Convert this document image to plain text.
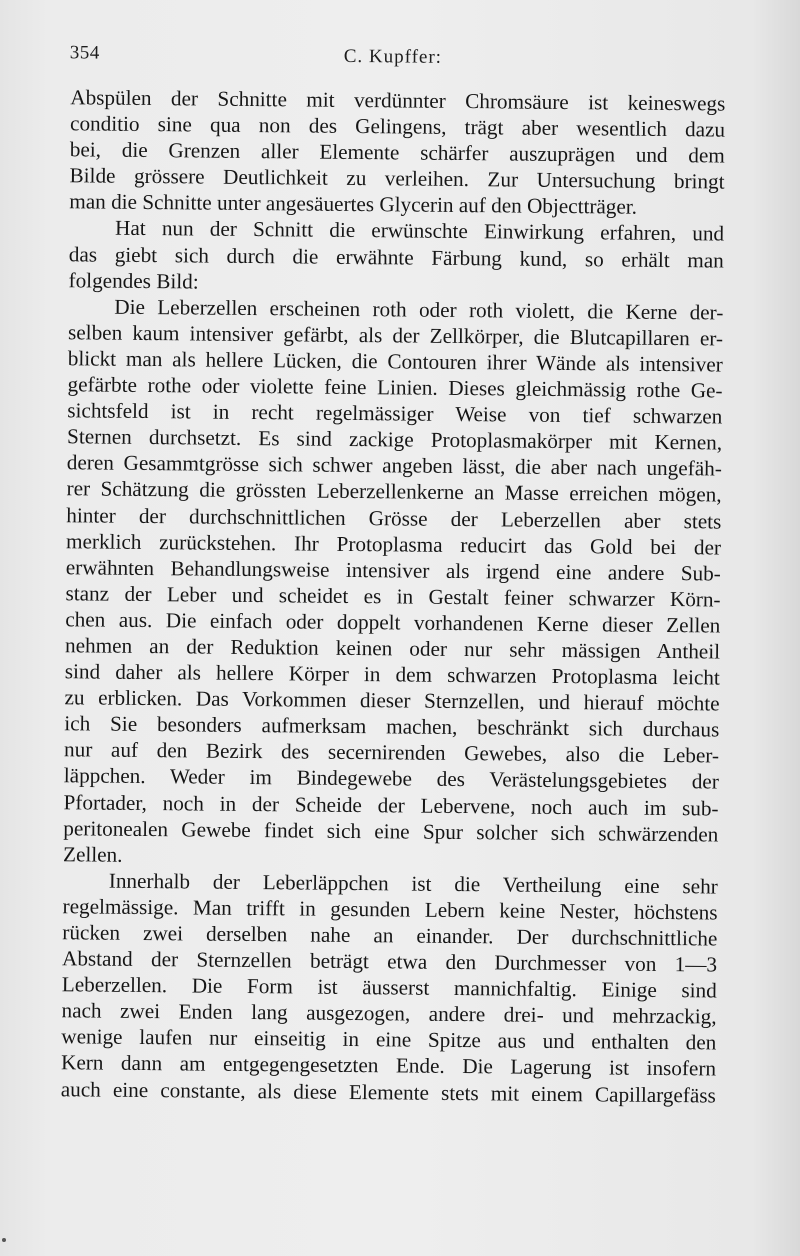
354	C. Kupffer:
Abspülen der Schnitte mit verdünnter Chromsäure ist keineswegs
conditio sine qua non des Gelingens, trägt aber wesentlich dazu
bei, die Grenzen aller Elemente schärfer auszuprägen und dem
Bilde grössere Deutlichkeit zu verleihen. Zur Untersuchung bringt
man die Schnitte unter angesäuertes Glycerin auf den Objectträger.
Hat nun der Schnitt die erwünschte Einwirkung erfahren, und
das giebt sich durch die erwähnte Färbung kund, so erhält man
folgendes Bild:
Die Leberzellen erscheinen roth oder roth violett, die Kerne der-
selben kaum intensiver gefärbt, als der Zellkörper, die Blutcapillaren er-
blickt man als hellere Lücken, die Contouren ihrer Wände als intensiver
gefärbte rothe oder violette feine Linien. Dieses gleichmässig rothe Ge-
sichtsfeld ist in recht regelmässiger Weise von tief schwarzen
Sternen durchsetzt. Es sind zackige Protoplasmakörper mit Kernen,
deren Gesammtgrösse sich schwer angeben lässt, die aber nach ungefäh-
rer Schätzung die grössten Leberzellenkerne an Masse erreichen mögen,
hinter der durchschnittlichen Grösse der Leberzellen aber stets
merklich zurückstehen. Ihr Protoplasma reducirt das Gold bei der
erwähnten Behandlungsweise intensiver als irgend eine andere Sub-
stanz der Leber und scheidet es in Gestalt feiner schwarzer Körn-
chen aus. Die einfach oder doppelt vorhandenen Kerne dieser Zellen
nehmen an der Reduktion keinen oder nur sehr mässigen Antheil
sind daher als hellere Körper in dem schwarzen Protoplasma leicht
zu erblicken. Das Vorkommen dieser Sternzellen, und hierauf möchte
ich Sie besonders aufmerksam machen, beschränkt sich durchaus
nur auf den Bezirk des secernirenden Gewebes, also die Leber-
läppchen. Weder im Bindegewebe des Verästelungsgebietes der
Pfortader, noch in der Scheide der Lebervene, noch auch im sub-
peritonealen Gewebe findet sich eine Spur solcher sich schwärzenden
Zellen.
Innerhalb der Leberläppchen ist die Vertheilung eine sehr
regelmässige. Man trifft in gesunden Lebern keine Nester, höchstens
rücken zwei derselben nahe an einander. Der durchschnittliche
Abstand der Sternzellen beträgt etwa den Durchmesser von 1—3
Leberzellen. Die Form ist äusserst mannichfaltig. Einige sind
nach zwei Enden lang ausgezogen, andere drei- und mehrzackig,
wenige laufen nur einseitig in eine Spitze aus und enthalten den
Kern dann am entgegengesetzten Ende. Die Lagerung ist insofern
auch eine constante, als diese Elemente stets mit einem Capillargefäss
